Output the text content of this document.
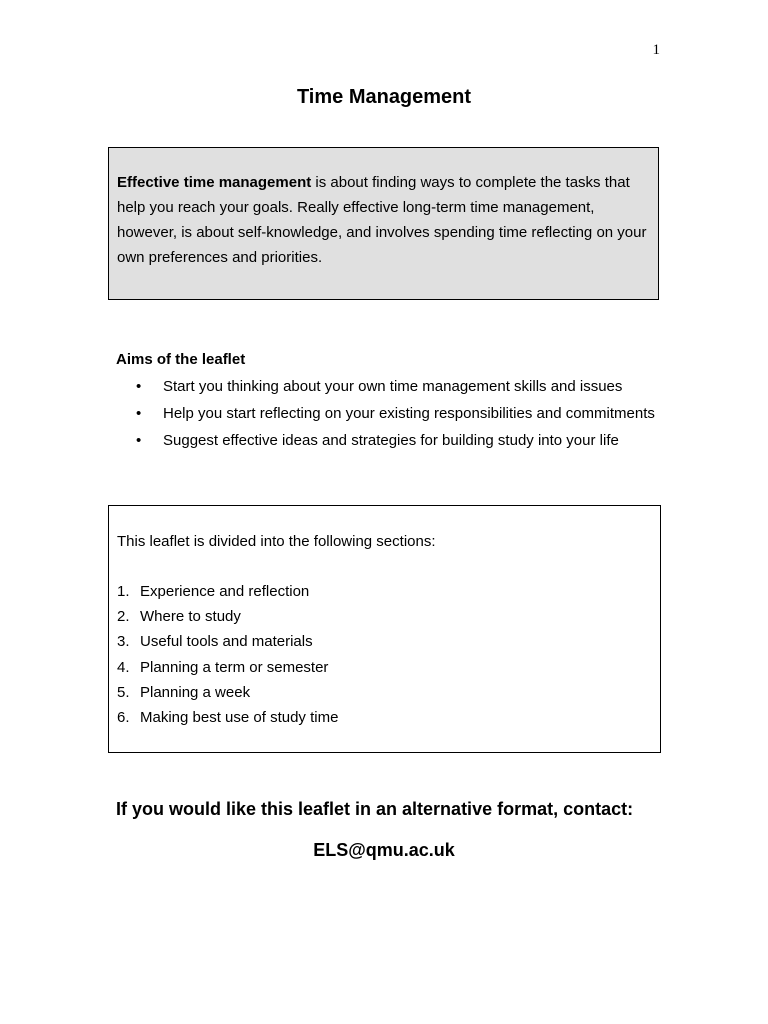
1
Time Management
Effective time management is about finding ways to complete the tasks that help you reach your goals. Really effective long-term time management, however, is about self-knowledge, and involves spending time reflecting on your own preferences and priorities.
Aims of the leaflet
• Start you thinking about your own time management skills and issues
• Help you start reflecting on your existing responsibilities and commitments
• Suggest effective ideas and strategies for building study into your life
This leaflet is divided into the following sections:
1. Experience and reflection
2. Where to study
3. Useful tools and materials
4. Planning a term or semester
5. Planning a week
6. Making best use of study time
If you would like this leaflet in an alternative format, contact:
ELS@qmu.ac.uk
